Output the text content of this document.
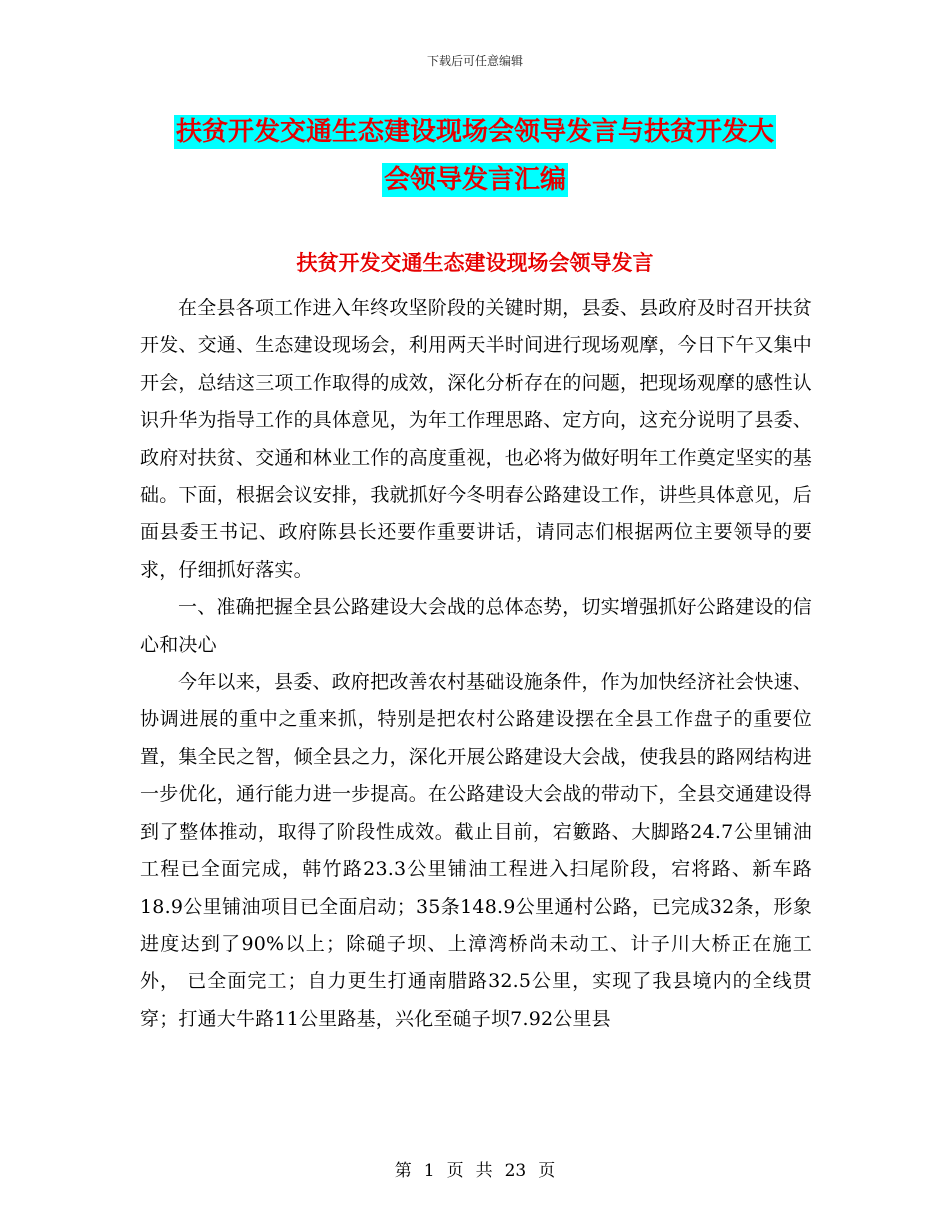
下载后可任意编辑
扶贫开发交通生态建设现场会领导发言与扶贫开发大
会领导发言汇编
扶贫开发交通生态建设现场会领导发言

在全县各项工作进入年终攻坚阶段的关键时期，县委、县政府及时召开扶贫开发、交通、生态建设现场会，利用两天半时间进行现场观摩，今日下午又集中开会，总结这三项工作取得的成效，深化分析存在的问题，把现场观摩的感性认识升华为指导工作的具体意见，为年工作理思路、定方向，这充分说明了县委、政府对扶贫、交通和林业工作的高度重视，也必将为做好明年工作奠定坚实的基础。下面，根据会议安排，我就抓好今冬明春公路建设工作，讲些具体意见，后面县委王书记、政府陈县长还要作重要讲话，请同志们根据两位主要领导的要求，仔细抓好落实。

一、准确把握全县公路建设大会战的总体态势，切实增强抓好公路建设的信心和决心

今年以来，县委、政府把改善农村基础设施条件，作为加快经济社会快速、协调进展的重中之重来抓，特别是把农村公路建设摆在全县工作盘子的重要位置，集全民之智，倾全县之力，深化开展公路建设大会战，使我县的路网结构进一步优化，通行能力进一步提高。在公路建设大会战的带动下，全县交通建设得到了整体推动，取得了阶段性成效。截止目前，宕籔路、大脚路24.7公里铺油工程已全面完成，韩竹路23.3公里铺油工程进入扫尾阶段，宕将路、新车路18.9公里铺油项目已全面启动；35条148.9公里通村公路，已完成32条，形象进度达到了90%以上；除磓子坝、上漳湾桥尚未动工、计子川大桥正在施工外， 已全面完工；自力更生打通南腊路32.5公里，实现了我县境内的全线贯穿；打通大牛路11公里路基，兴化至磓子坝7.92公里县

第 1 页 共 23 页
